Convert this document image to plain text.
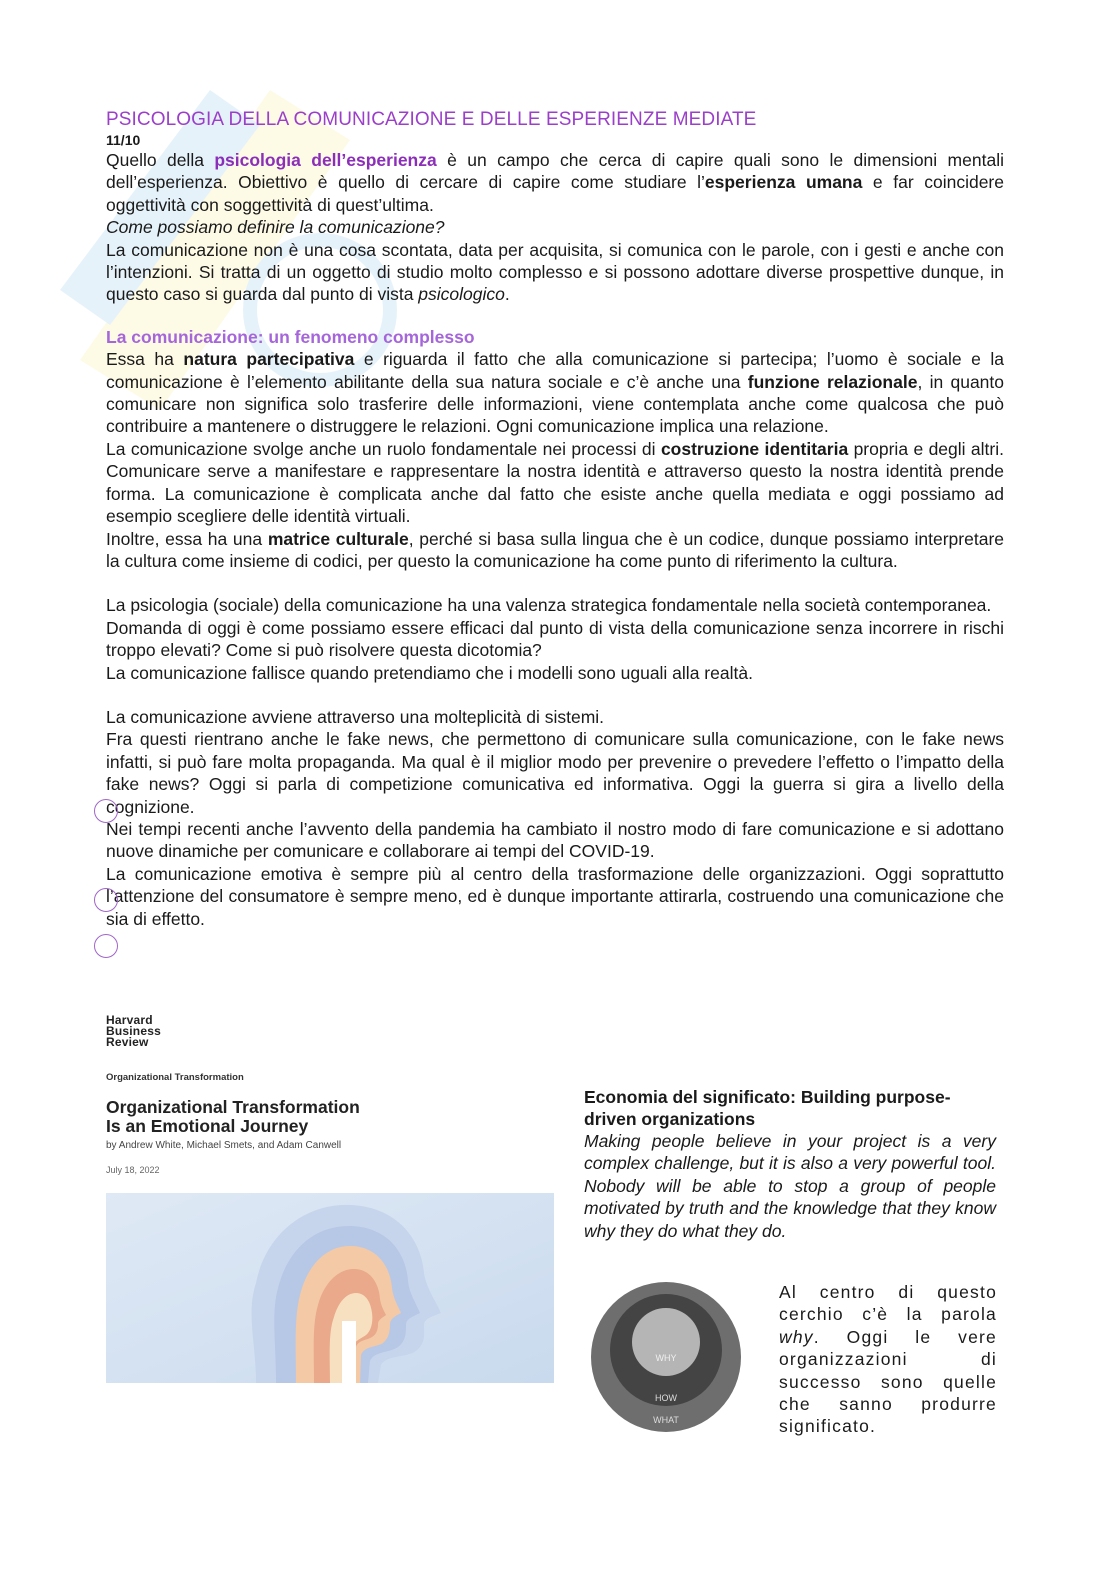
PSICOLOGIA DELLA COMUNICAZIONE E DELLE ESPERIENZE MEDIATE
11/10

Quello della psicologia dell’esperienza è un campo che cerca di capire quali sono le dimensioni mentali dell’esperienza. Obiettivo è quello di cercare di capire come studiare l’esperienza umana e far coincidere oggettività con soggettività di quest’ultima.

Come possiamo definire la comunicazione?

La comunicazione non è una cosa scontata, data per acquisita, si comunica con le parole, con i gesti e anche con l’intenzioni. Si tratta di un oggetto di studio molto complesso e si possono adottare diverse prospettive dunque, in questo caso si guarda dal punto di vista psicologico.

La comunicazione: un fenomeno complesso

Essa ha natura partecipativa e riguarda il fatto che alla comunicazione si partecipa; l’uomo è sociale e la comunicazione è l’elemento abilitante della sua natura sociale e c’è anche una funzione relazionale, in quanto comunicare non significa solo trasferire delle informazioni, viene contemplata anche come qualcosa che può contribuire a mantenere o distruggere le relazioni. Ogni comunicazione implica una relazione.

La comunicazione svolge anche un ruolo fondamentale nei processi di costruzione identitaria propria e degli altri. Comunicare serve a manifestare e rappresentare la nostra identità e attraverso questo la nostra identità prende forma. La comunicazione è complicata anche dal fatto che esiste anche quella mediata e oggi possiamo ad esempio scegliere delle identità virtuali.

Inoltre, essa ha una matrice culturale, perché si basa sulla lingua che è un codice, dunque possiamo interpretare la cultura come insieme di codici, per questo la comunicazione ha come punto di riferimento la cultura.

La psicologia (sociale) della comunicazione ha una valenza strategica fondamentale nella società contemporanea.

Domanda di oggi è come possiamo essere efficaci dal punto di vista della comunicazione senza incorrere in rischi troppo elevati? Come si può risolvere questa dicotomia?

La comunicazione fallisce quando pretendiamo che i modelli sono uguali alla realtà.

La comunicazione avviene attraverso una molteplicità di sistemi.

Fra questi rientrano anche le fake news, che permettono di comunicare sulla comunicazione, con le fake news infatti, si può fare molta propaganda. Ma qual è il miglior modo per prevenire o prevedere l’effetto o l’impatto della fake news? Oggi si parla di competizione comunicativa ed informativa. Oggi la guerra si gira a livello della cognizione.

Nei tempi recenti anche l’avvento della pandemia ha cambiato il nostro modo di fare comunicazione e si adottano nuove dinamiche per comunicare e collaborare ai tempi del COVID-19.

La comunicazione emotiva è sempre più al centro della trasformazione delle organizzazioni. Oggi soprattutto l’attenzione del consumatore è sempre meno, ed è dunque importante attirarla, costruendo una comunicazione che sia di effetto.

Harvard
Business
Review
Organizational Transformation
Organizational Transformation
Is an Emotional Journey
by Andrew White, Michael Smets, and Adam Canwell
July 18, 2022

Economia del significato: Building purpose-driven organizations

Making people believe in your project is a very complex challenge, but it is also a very powerful tool. Nobody will be able to stop a group of people motivated by truth and the knowledge that they know why they do what they do.

WHY
HOW
WHAT

Al centro di questo cerchio c’è la parola why. Oggi le vere organizzazioni di successo sono quelle che sanno produrre significato.
